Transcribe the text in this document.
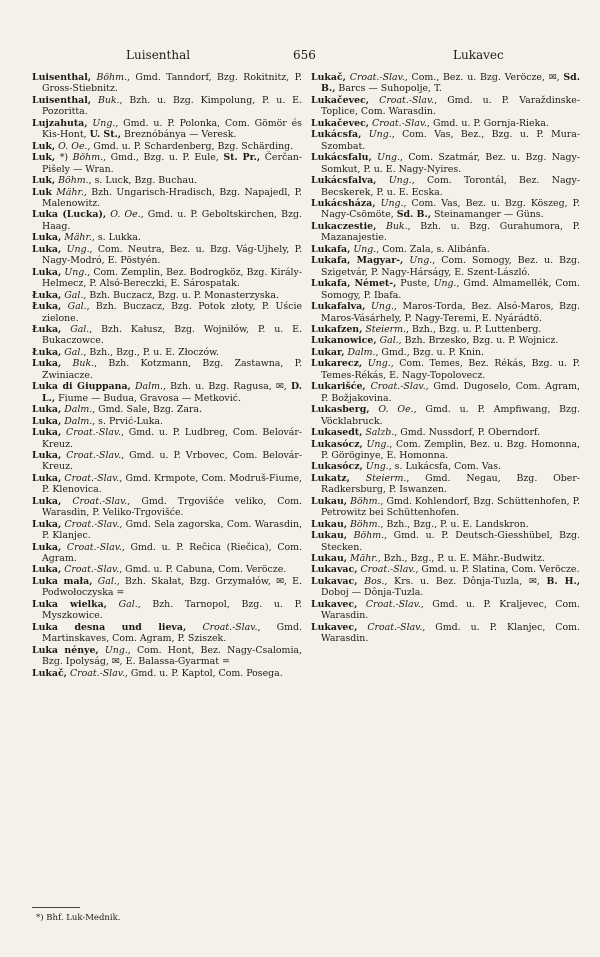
Luisenthal	656	Lukavec
Luisenthal, Böhm., Gmd. Tanndorf, Bzg. Rokitnitz, P. Gross-Stiebnitz.
Luisenthal, Buk., Bzh. u. Bzg. Kimpolung, P. u. E. Pozoritta.
Lujzahuta, Ung., Gmd. u. P. Polonka, Com. Gömör és Kis-Hont, U. St., Breznóbánya — Veresk.
Luk, O. Oe., Gmd. u. P. Schardenberg, Bzg. Schärding.
Luk, *) Böhm., Gmd., Bzg. u. P. Eule, St. Pr., Čerčan-Pišely — Wran.
Luk, Böhm., s. Luck, Bzg. Buchau.
Luk Mähr., Bzh. Ungarisch-Hradisch, Bzg. Napajedl, P. Malenowitz.
Luka (Lucka), O. Oe., Gmd. u. P. Geboltskirchen, Bzg. Haag.
Luka, Mähr., s. Lukka.
Luka, Ung., Com. Neutra, Bez. u. Bzg. Vág-Ujhely, P. Nagy-Modró, E. Pöstyén.
Luka, Ung., Com. Zemplin, Bez. Bodrogköz, Bzg. Király-Helmecz, P. Alsó-Bereczki, E. Sárospatak.
Łuka, Gal., Bzh. Buczacz, Bzg. u. P. Monasterzyska.
Łuka, Gal., Bzh. Buczacz, Bzg. Potok złoty, P. Uście zielone.
Łuka, Gal., Bzh. Kałusz, Bzg. Wojniłów, P. u. E. Bukaczowce.
Łuka, Gal., Bzh., Bzg., P. u. E. Złoczów.
Luka, Buk., Bzh. Kotzmann, Bzg. Zastawna, P. Zwiniacze.
Luka di Giuppana, Dalm., Bzh. u. Bzg. Ragusa, ✉, D. L., Fiume — Budua, Gravosa — Metković.
Luka, Dalm., Gmd. Sale, Bzg. Zara.
Luka, Dalm., s. Prvić-Luka.
Luka, Croat.-Slav., Gmd. u. P. Ludbreg, Com. Belovár-Kreuz.
Luka, Croat.-Slav., Gmd. u. P. Vrbovec, Com. Belovár-Kreuz.
Luka, Croat.-Slav., Gmd. Krmpote, Com. Modruš-Fiume, P. Klenovica.
Luka, Croat.-Slav., Gmd. Trgovišće veliko, Com. Warasdin, P. Veliko-Trgovišće.
Luka, Croat.-Slav., Gmd. Sela zagorska, Com. Warasdin, P. Klanjec.
Luka, Croat.-Slav., Gmd. u. P. Rečica (Riečica), Com. Agram.
Luka, Croat.-Slav., Gmd. u. P. Cabuna, Com. Veröcze.
Luka mała, Gal., Bzh. Skałat, Bzg. Grzymałów, ✉, E. Podwołoczyska =
Luka wielka, Gal., Bzh. Tarnopol, Bzg. u. P. Myszkowice.
Luka desna und lieva, Croat.-Slav., Gmd. Martinskaves, Com. Agram, P. Sziszek.
Luka nénye, Ung., Com. Hont, Bez. Nagy-Csalomia, Bzg. Ipolyság, ✉, E. Balassa-Gyarmat =
Lukač, Croat.-Slav., Gmd. u. P. Kaptol, Com. Posega.
Lukač, Croat.-Slav., Com., Bez. u. Bzg. Veröcze, ✉, Sd. B., Barcs — Suhopolje, T.
Lukačevec, Croat.-Slav., Gmd. u. P. Varaždinske-Toplice, Com. Warasdin.
Lukačevec, Croat.-Slav., Gmd. u. P. Gornja-Rieka.
Lukácsfa, Ung., Com. Vas, Bez., Bzg. u. P. Mura-Szombat.
Lukácsfalu, Ung., Com. Szatmár, Bez. u. Bzg. Nagy-Somkut, P. u. E. Nagy-Nyires.
Lukácsfalva, Ung., Com. Torontál, Bez. Nagy-Becskerek, P. u. E. Ecska.
Lukácsháza, Ung., Com. Vas, Bez. u. Bzg. Köszeg, P. Nagy-Csömöte, Sd. B., Steinamanger — Güns.
Lukaczestie, Buk., Bzh. u. Bzg. Gurahumora, P. Mazanajestie.
Lukafa, Ung., Com. Zala, s. Alibánfa.
Lukafa, Magyar-, Ung., Com. Somogy, Bez. u. Bzg. Szigetvár, P. Nagy-Hárságy, E. Szent-László.
Lukafa, Német-, Puste, Ung., Gmd. Almamellék, Com. Somogy, P. Ibafa.
Lukafalva, Ung., Maros-Torda, Bez. Alsó-Maros, Bzg. Maros-Vásárhely, P. Nagy-Teremi, E. Nyárádtö.
Lukafzen, Steierm., Bzh., Bzg. u. P. Luttenberg.
Lukanowice, Gal., Bzh. Brzesko, Bzg. u. P. Wojnicz.
Lukar, Dalm., Gmd., Bzg. u. P. Knin.
Lukarecz, Ung., Com. Temes, Bez. Rékás, Bzg. u. P. Temes-Rékás, E. Nagy-Topolovecz.
Lukarišće, Croat.-Slav., Gmd. Dugoselo, Com. Agram, P. Božjakovina.
Lukasberg, O. Oe., Gmd. u. P. Ampfiwang, Bzg. Vöcklabruck.
Lukasedt, Salzb., Gmd. Nussdorf, P. Oberndorf.
Lukasócz, Ung., Com. Zemplin, Bez. u. Bzg. Homonna, P. Göröginye, E. Homonna.
Lukasócz, Ung., s. Lukácsfa, Com. Vas.
Lukatz, Steierm., Gmd. Negau, Bzg. Ober-Radkersburg, P. Iswanzen.
Lukau, Böhm., Gmd. Kohlendorf, Bzg. Schüttenhofen, P. Petrowitz bei Schüttenhofen.
Lukau, Böhm., Bzh., Bzg., P. u. E. Landskron.
Lukau, Böhm., Gmd. u. P. Deutsch-Giesshübel, Bzg. Stecken.
Lukau, Mähr., Bzh., Bzg., P. u. E. Mähr.-Budwitz.
Lukavac, Croat.-Slav., Gmd. u. P. Slatina, Com. Veröcze.
Lukavac, Bos., Krs. u. Bez. Dônja-Tuzla, ✉, B. H., Doboj — Dônja-Tuzla.
Lukavec, Croat.-Slav., Gmd. u. P. Kraljevec, Com. Warasdin.
Lukavec, Croat.-Slav., Gmd. u. P. Klanjec, Com. Warasdin.
*) Bhf. Luk-Mednik.
